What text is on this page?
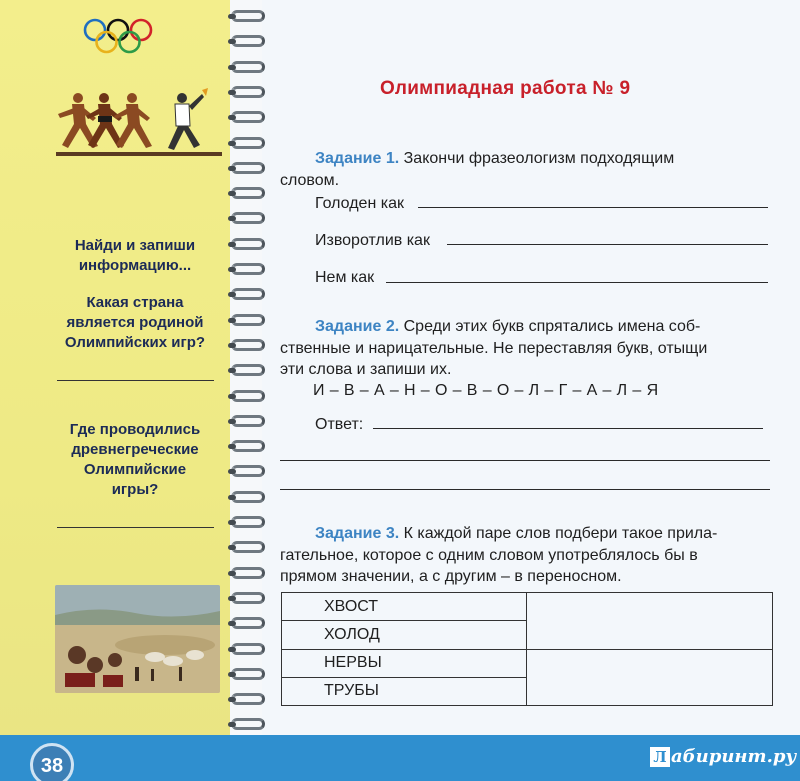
Найди и запиши
информацию...
Какая страна
является родиной
Олимпийских игр?
Где проводились
древнегреческие
Олимпийские
игры?
38
Олимпиадная работа № 9
Задание 1. Закончи фразеологизм подходящим
словом.
Голоден как
Изворотлив как
Нем как
Задание 2. Среди этих букв спрятались имена соб-
ственные и нарицательные. Не переставляя букв, отыщи
эти слова и запиши их.
И – В – А – Н – О – В – О – Л – Г – А – Л – Я
Ответ:
Задание 3. К каждой паре слов подбери такое прила-
гательное, которое с одним словом употреблялось бы в
прямом значении, а с другим – в переносном.
ХВОСТ	
ХОЛОД	
НЕРВЫ	
ТРУБЫ	
Л абиринт.ру
